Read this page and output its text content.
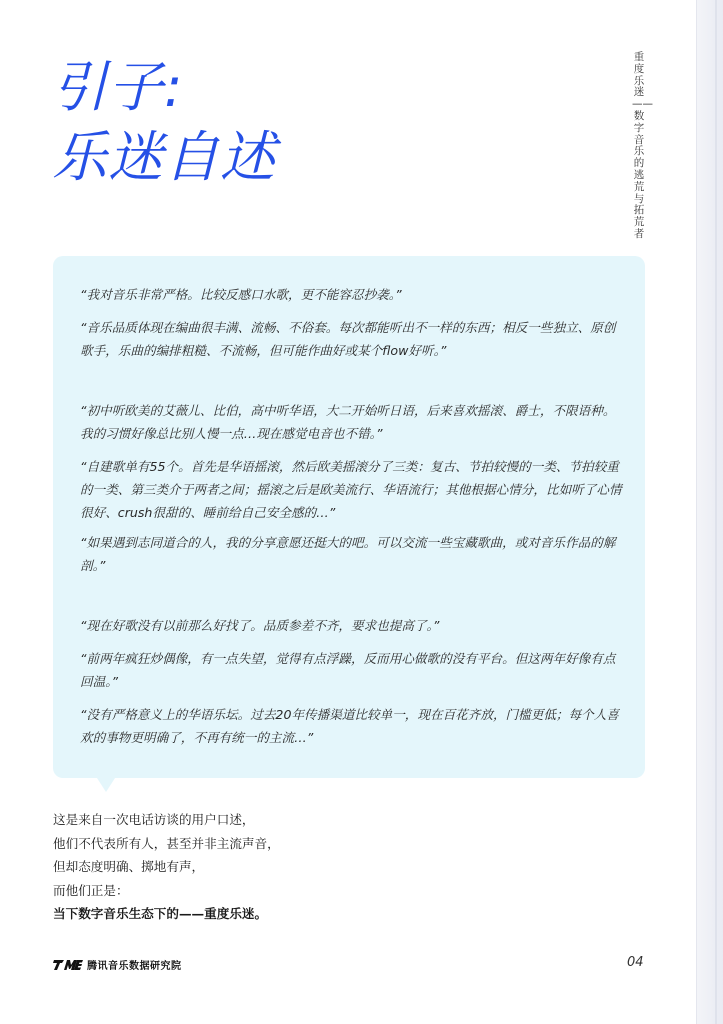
引子:
乐迷自述
重度乐迷——数字音乐的逃荒与拓荒者

“我对音乐非常严格。比较反感口水歌，更不能容忍抄袭。”

“音乐品质体现在编曲很丰满、流畅、不俗套。每次都能听出不一样的东西；相反一些独立、原创歌手，乐曲的编排粗糙、不流畅，但可能作曲好或某个flow好听。”

“初中听欧美的艾薇儿、比伯，高中听华语，大二开始听日语，后来喜欢摇滚、爵士，不限语种。我的习惯好像总比别人慢一点…现在感觉电音也不错。”

“自建歌单有55个。首先是华语摇滚，然后欧美摇滚分了三类：复古、节拍较慢的一类、节拍较重的一类、第三类介于两者之间；摇滚之后是欧美流行、华语流行；其他根据心情分，比如听了心情很好、crush很甜的、睡前给自己安全感的…”

“如果遇到志同道合的人，我的分享意愿还挺大的吧。可以交流一些宝藏歌曲，或对音乐作品的解剖。”

“现在好歌没有以前那么好找了。品质参差不齐，要求也提高了。”

“前两年疯狂炒偶像，有一点失望，觉得有点浮躁，反而用心做歌的没有平台。但这两年好像有点回温。”

“没有严格意义上的华语乐坛。过去20年传播渠道比较单一，现在百花齐放，门槛更低；每个人喜欢的事物更明确了，不再有统一的主流…”

这是来自一次电话访谈的用户口述，
他们不代表所有人，甚至并非主流声音，
但却态度明确、掷地有声，
而他们正是：
当下数字音乐生态下的——重度乐迷。
腾讯音乐数据研究院	04
